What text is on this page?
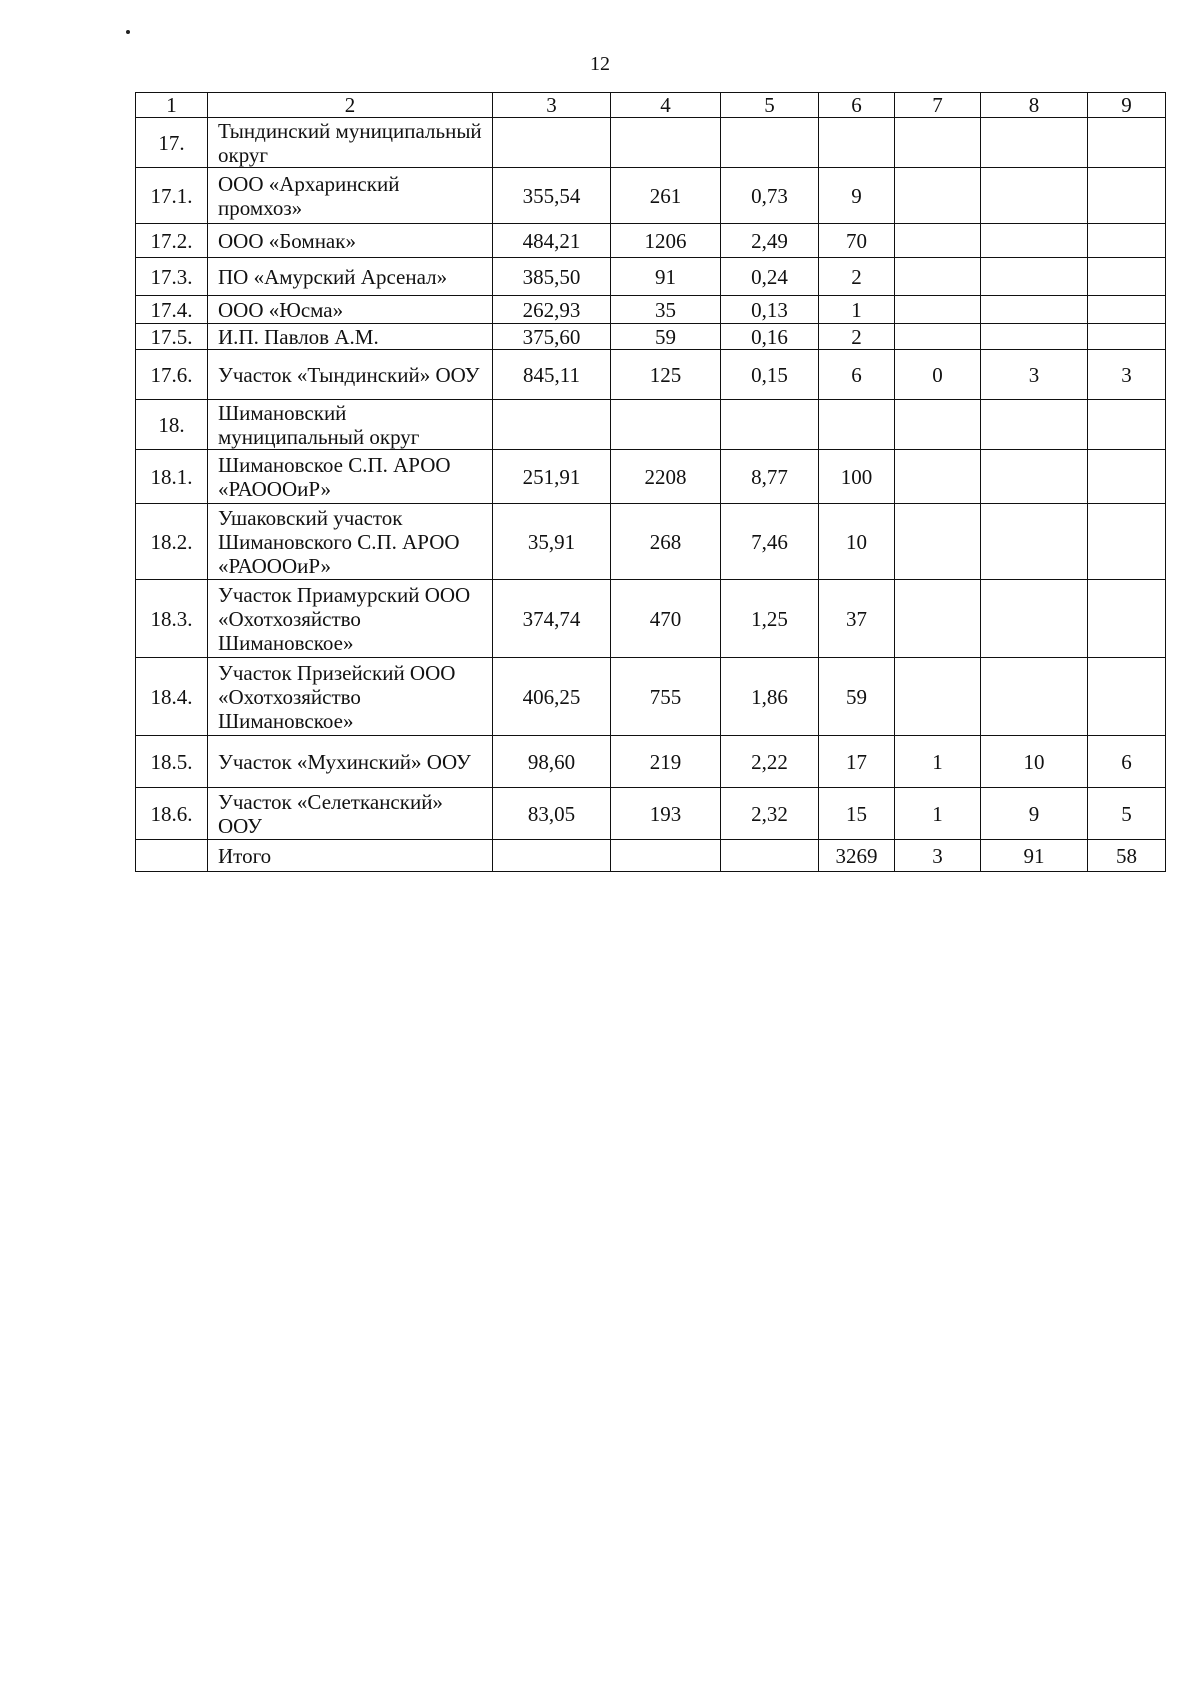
12
1	2	3	4	5	6	7	8	9
17.	Тындинский муниципальный округ							
17.1.	ООО «Архаринский промхоз»	355,54	261	0,73	9			
17.2.	ООО «Бомнак»	484,21	1206	2,49	70			
17.3.	ПО «Амурский Арсенал»	385,50	91	0,24	2			
17.4.	ООО «Юсма»	262,93	35	0,13	1			
17.5.	И.П. Павлов А.М.	375,60	59	0,16	2			
17.6.	Участок «Тындинский» ООУ	845,11	125	0,15	6	0	3	3
18.	Шимановский муниципальный округ							
18.1.	Шимановское С.П. АРОО «РАОООиР»	251,91	2208	8,77	100			
18.2.	Ушаковский участок Шимановского С.П. АРОО «РАОООиР»	35,91	268	7,46	10			
18.3.	Участок Приамурский ООО «Охотхозяйство Шимановское»	374,74	470	1,25	37			
18.4.	Участок Призейский ООО «Охотхозяйство Шимановское»	406,25	755	1,86	59			
18.5.	Участок «Мухинский» ООУ	98,60	219	2,22	17	1	10	6
18.6.	Участок «Селетканский» ООУ	83,05	193	2,32	15	1	9	5
	Итого				3269	3	91	58
